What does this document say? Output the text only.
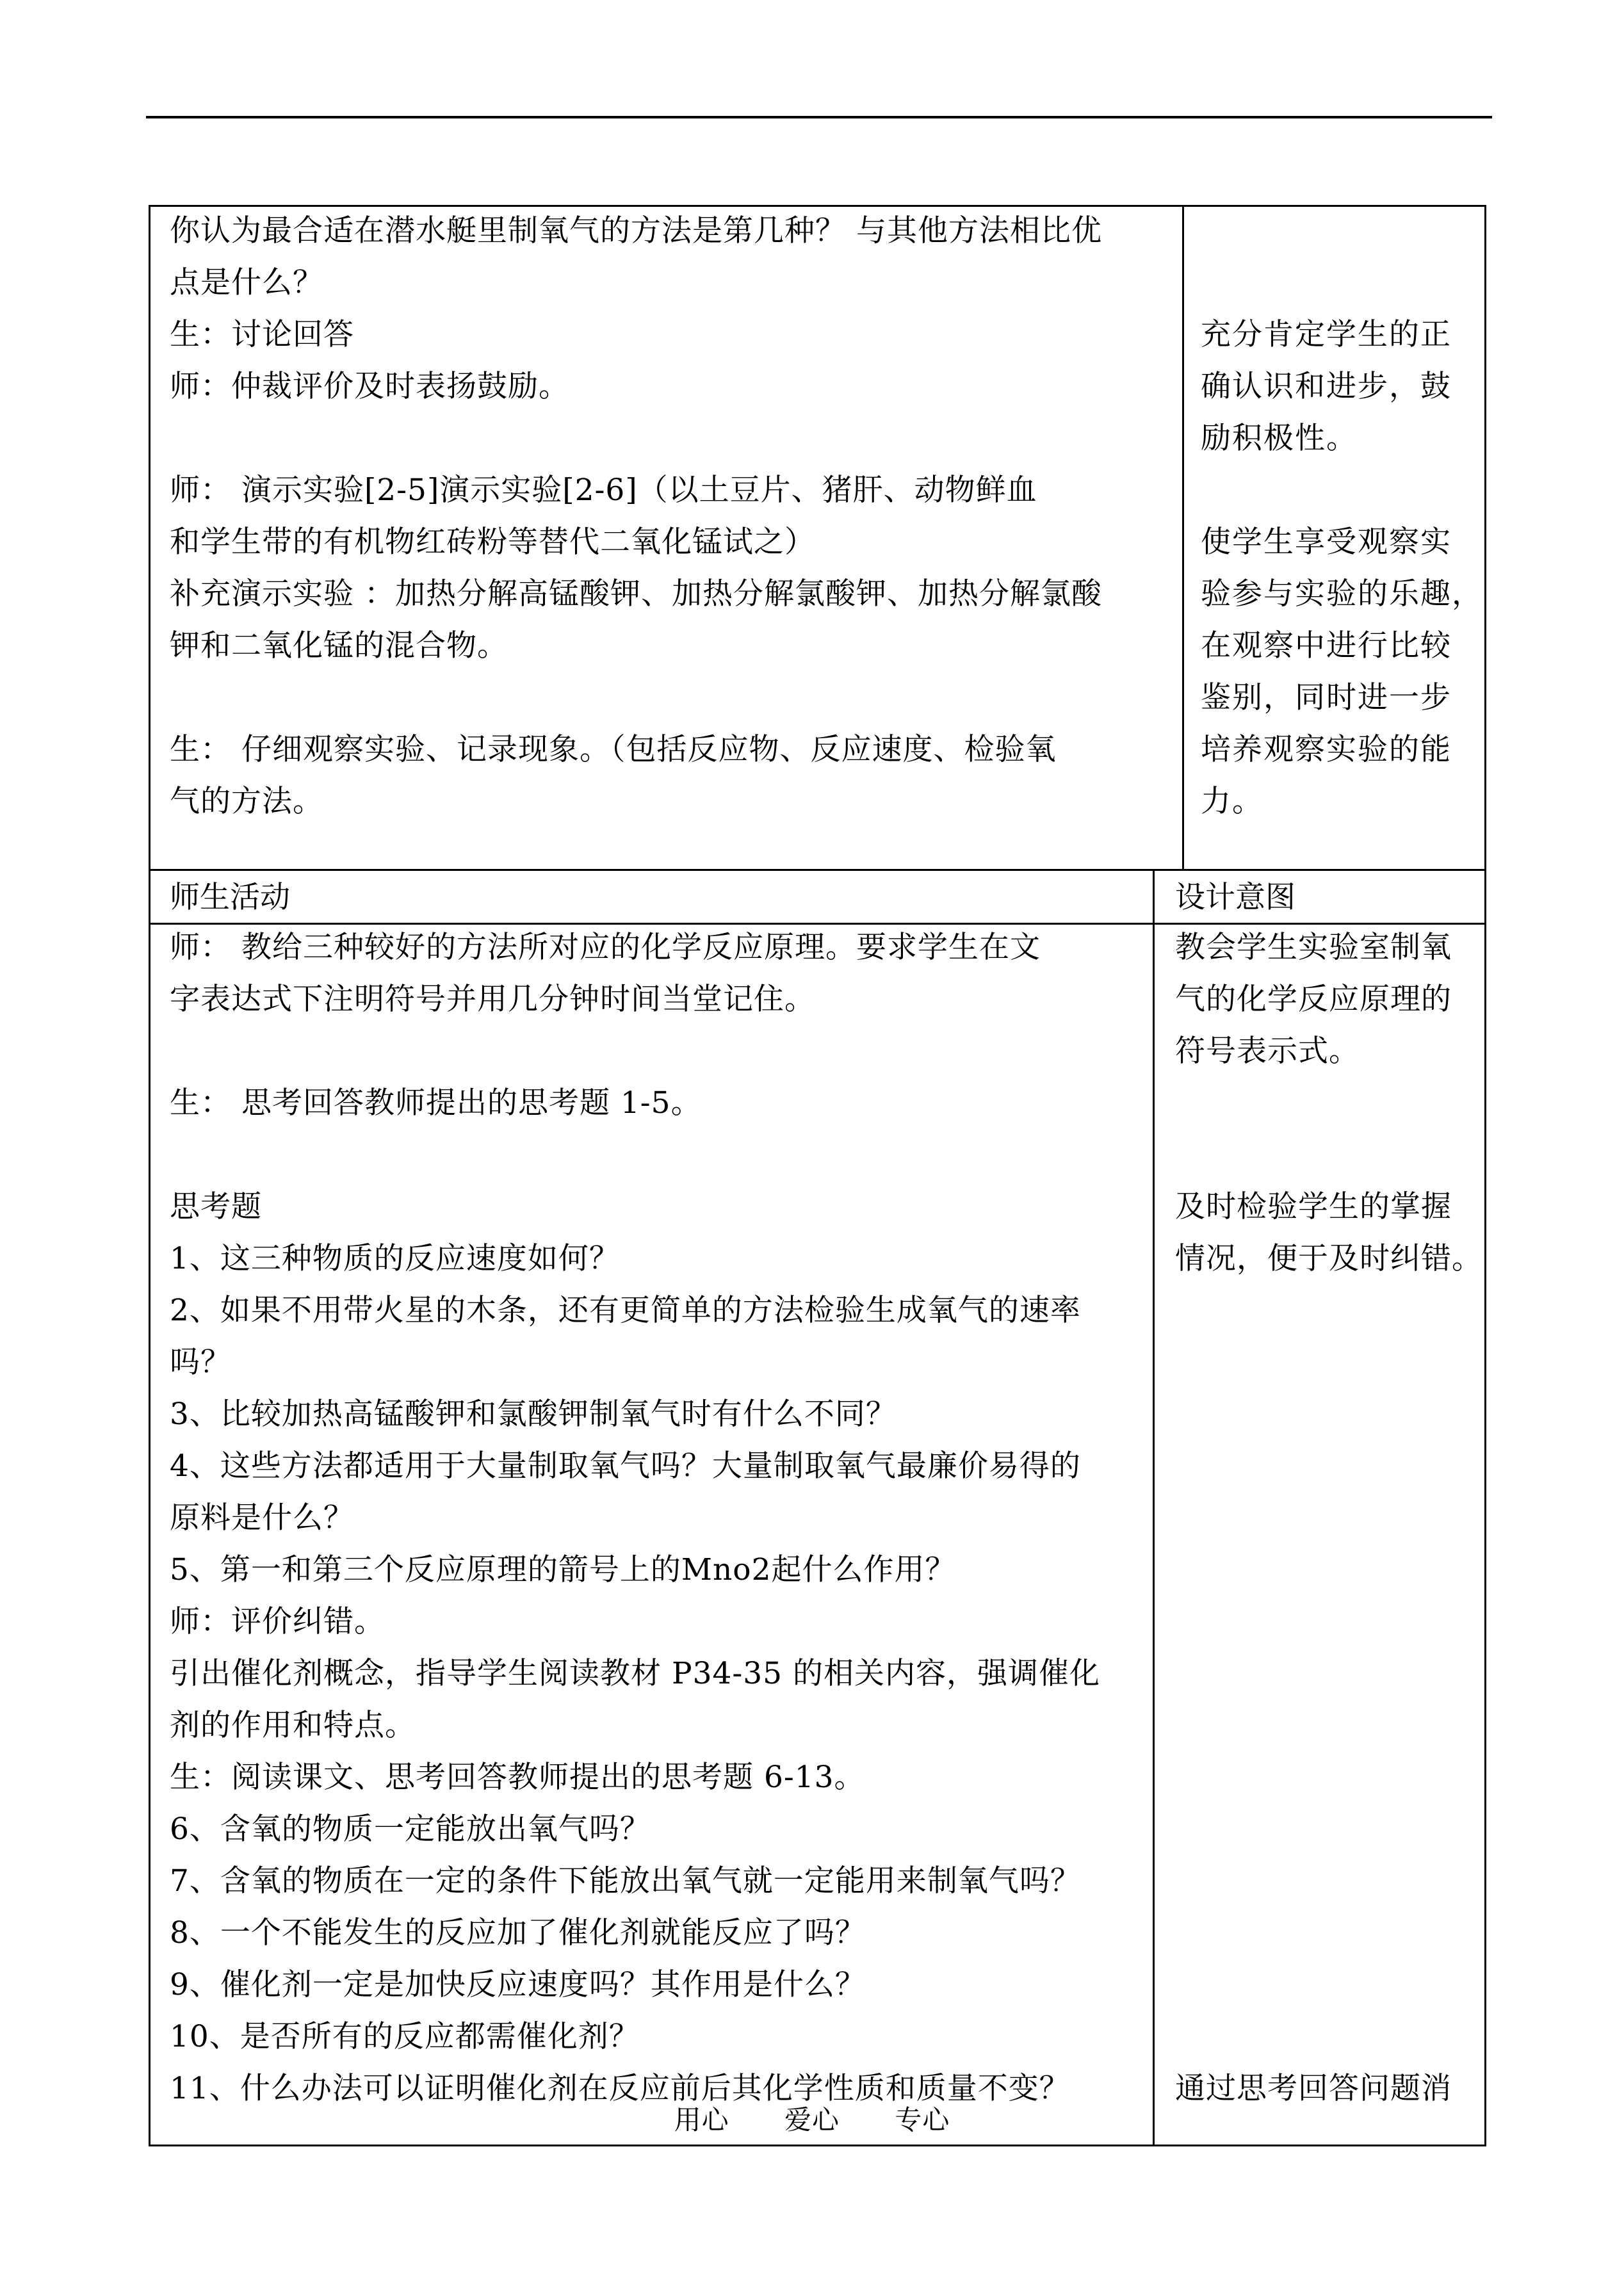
你认为最合适在潜水艇里制氧气的方法是第几种？ 与其他方法相比优
点是什么？
生：讨论回答
师：仲裁评价及时表扬鼓励。
师： 演示实验[2-5]演示实验[2-6]（以土豆片、猪肝、动物鲜血
和学生带的有机物红砖粉等替代二氧化锰试之）
补充演示实验 ：加热分解高锰酸钾、加热分解氯酸钾、加热分解氯酸
钾和二氧化锰的混合物。
生： 仔细观察实验、记录现象。（包括反应物、反应速度、检验氧
气的方法。
充分肯定学生的正
确认识和进步，鼓
励积极性。
使学生享受观察实
验参与实验的乐趣，
在观察中进行比较
鉴别，同时进一步
培养观察实验的能
力。
师生活动	设计意图
师： 教给三种较好的方法所对应的化学反应原理。要求学生在文
字表达式下注明符号并用几分钟时间当堂记住。
生： 思考回答教师提出的思考题 1-5。
思考题
1、这三种物质的反应速度如何？
2、如果不用带火星的木条，还有更简单的方法检验生成氧气的速率
吗？
3、比较加热高锰酸钾和氯酸钾制氧气时有什么不同？
4、这些方法都适用于大量制取氧气吗？大量制取氧气最廉价易得的
原料是什么？
5、第一和第三个反应原理的箭号上的Mno2起什么作用？
师：评价纠错。
引出催化剂概念，指导学生阅读教材 P34-35 的相关内容，强调催化
剂的作用和特点。
生：阅读课文、思考回答教师提出的思考题 6-13。
6、含氧的物质一定能放出氧气吗？
7、含氧的物质在一定的条件下能放出氧气就一定能用来制氧气吗？
8、一个不能发生的反应加了催化剂就能反应了吗？
9、催化剂一定是加快反应速度吗？其作用是什么？
10、是否所有的反应都需催化剂？
11、什么办法可以证明催化剂在反应前后其化学性质和质量不变？
教会学生实验室制氧
气的化学反应原理的
符号表示式。
及时检验学生的掌握
情况，便于及时纠错。
通过思考回答问题消
用心 爱心 专心
